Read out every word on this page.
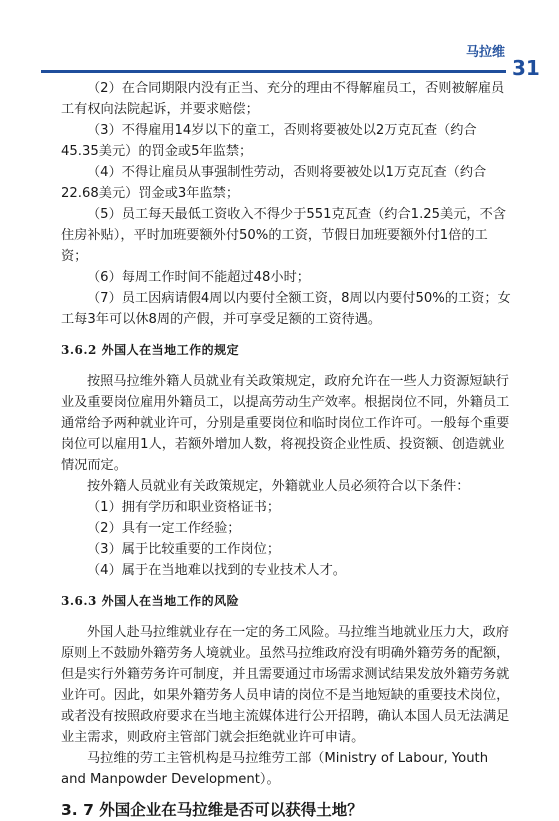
马拉维
31

（2）在合同期限内没有正当、充分的理由不得解雇员工，否则被解雇员工有权向法院起诉，并要求赔偿；

（3）不得雇用14岁以下的童工，否则将要被处以2万克瓦查（约合45.35美元）的罚金或5年监禁；

（4）不得让雇员从事强制性劳动，否则将要被处以1万克瓦查（约合22.68美元）罚金或3年监禁；

（5）员工每天最低工资收入不得少于551克瓦查（约合1.25美元，不含住房补贴），平时加班要额外付50%的工资，节假日加班要额外付1倍的工资；

（6）每周工作时间不能超过48小时；

（7）员工因病请假4周以内要付全额工资，8周以内要付50%的工资；女工每3年可以休8周的产假，并可享受足额的工资待遇。

3.6.2 外国人在当地工作的规定

按照马拉维外籍人员就业有关政策规定，政府允许在一些人力资源短缺行业及重要岗位雇用外籍员工，以提高劳动生产效率。根据岗位不同，外籍员工通常给予两种就业许可，分别是重要岗位和临时岗位工作许可。一般每个重要岗位可以雇用1人，若额外增加人数，将视投资企业性质、投资额、创造就业情况而定。

按外籍人员就业有关政策规定，外籍就业人员必须符合以下条件：

（1）拥有学历和职业资格证书；

（2）具有一定工作经验；

（3）属于比较重要的工作岗位；

（4）属于在当地难以找到的专业技术人才。

3.6.3 外国人在当地工作的风险

外国人赴马拉维就业存在一定的务工风险。马拉维当地就业压力大，政府原则上不鼓励外籍劳务人境就业。虽然马拉维政府没有明确外籍劳务的配额，但是实行外籍劳务许可制度，并且需要通过市场需求测试结果发放外籍劳务就业许可。因此，如果外籍劳务人员申请的岗位不是当地短缺的重要技术岗位，或者没有按照政府要求在当地主流媒体进行公开招聘，确认本国人员无法满足业主需求，则政府主管部门就会拒绝就业许可申请。

马拉维的劳工主管机构是马拉维劳工部（Ministry of Labour, Youth and Manpowder Development）。

3. 7 外国企业在马拉维是否可以获得土地？
